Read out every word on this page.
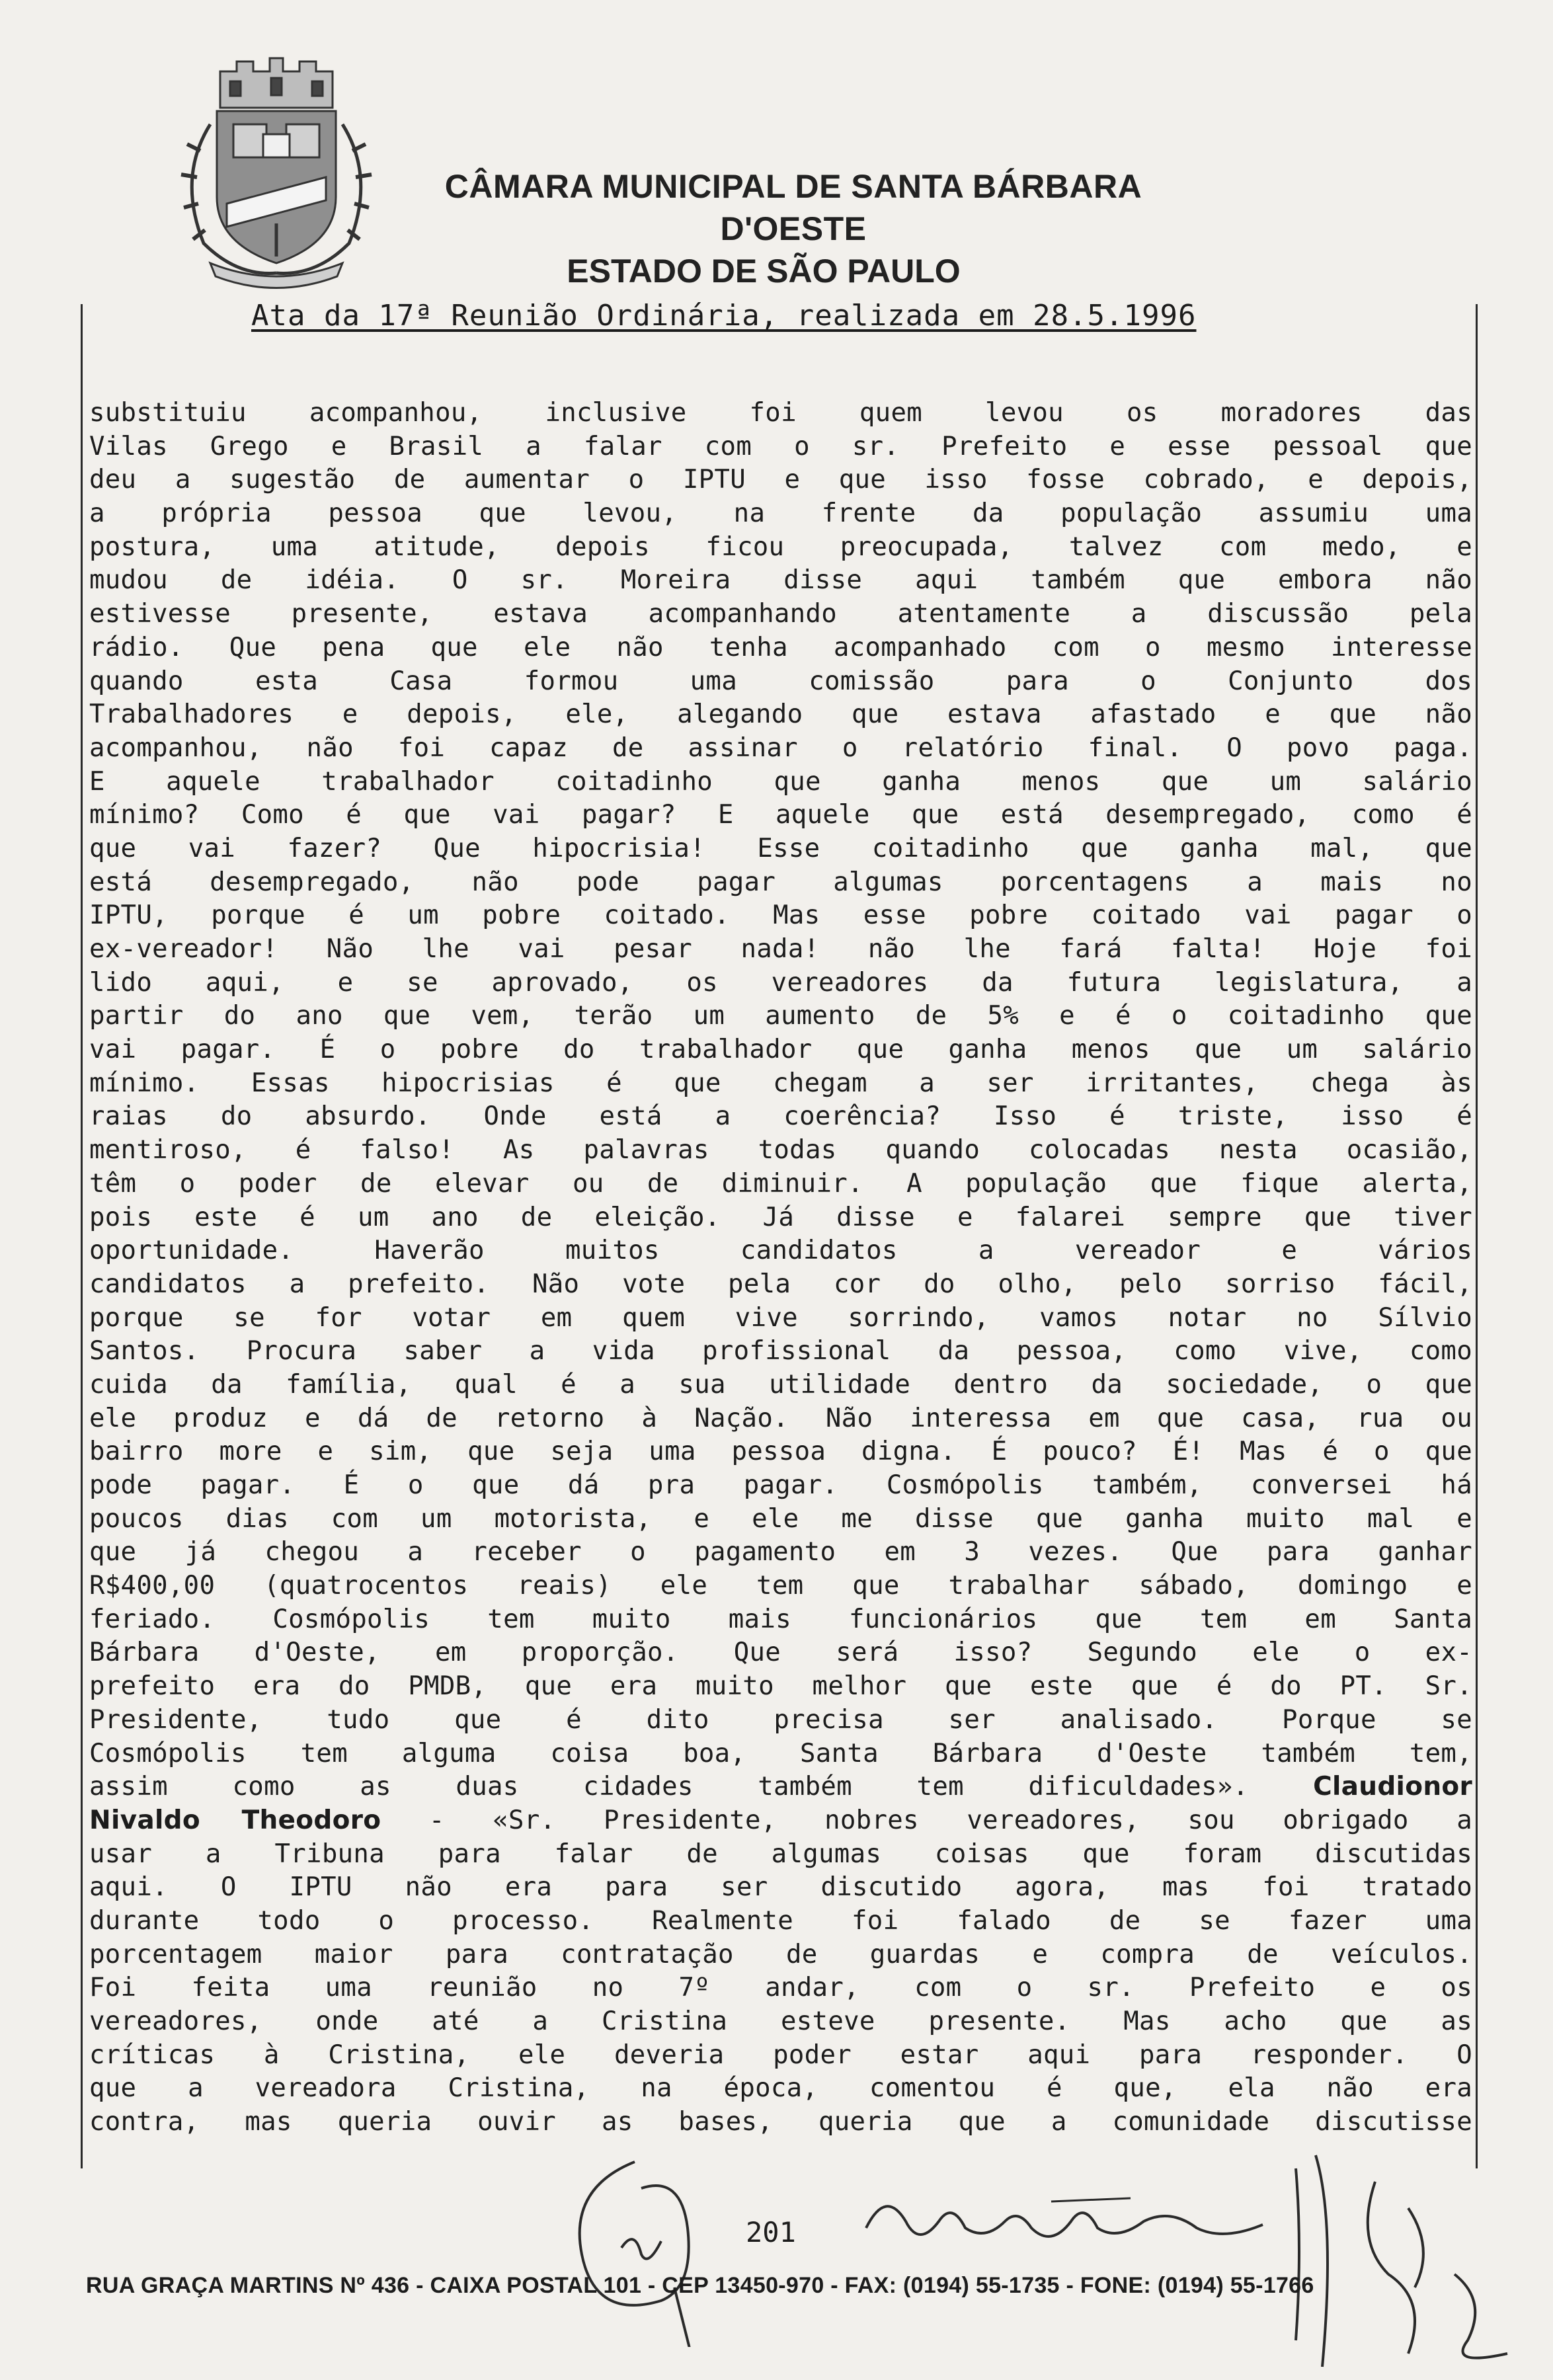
CÂMARA MUNICIPAL DE SANTA BÁRBARA D'OESTE
ESTADO DE SÃO PAULO
Ata da 17ª Reunião Ordinária, realizada em 28.5.1996
substituiu acompanhou, inclusive foi quem levou os moradores das
Vilas Grego e Brasil a falar com o sr. Prefeito e esse pessoal que
deu a sugestão de aumentar o IPTU e que isso fosse cobrado, e depois,
a própria pessoa que levou, na frente da população assumiu uma
postura, uma atitude, depois ficou preocupada, talvez com medo, e
mudou de idéia. O sr. Moreira disse aqui também que embora não
estivesse presente, estava acompanhando atentamente a discussão pela
rádio. Que pena que ele não tenha acompanhado com o mesmo interesse
quando esta Casa formou uma comissão para o Conjunto dos
Trabalhadores e depois, ele, alegando que estava afastado e que não
acompanhou, não foi capaz de assinar o relatório final. O povo paga.
E aquele trabalhador coitadinho que ganha menos que um salário
mínimo? Como é que vai pagar? E aquele que está desempregado, como é
que vai fazer? Que hipocrisia! Esse coitadinho que ganha mal, que
está desempregado, não pode pagar algumas porcentagens a mais no
IPTU, porque é um pobre coitado. Mas esse pobre coitado vai pagar o
ex-vereador! Não lhe vai pesar nada! não lhe fará falta! Hoje foi
lido aqui, e se aprovado, os vereadores da futura legislatura, a
partir do ano que vem, terão um aumento de 5% e é o coitadinho que
vai pagar. É o pobre do trabalhador que ganha menos que um salário
mínimo. Essas hipocrisias é que chegam a ser irritantes, chega às
raias do absurdo. Onde está a coerência? Isso é triste, isso é
mentiroso, é falso! As palavras todas quando colocadas nesta ocasião,
têm o poder de elevar ou de diminuir. A população que fique alerta,
pois este é um ano de eleição. Já disse e falarei sempre que tiver
oportunidade. Haverão muitos candidatos a vereador e vários
candidatos a prefeito. Não vote pela cor do olho, pelo sorriso fácil,
porque se for votar em quem vive sorrindo, vamos notar no Sílvio
Santos. Procura saber a vida profissional da pessoa, como vive, como
cuida da família, qual é a sua utilidade dentro da sociedade, o que
ele produz e dá de retorno à Nação. Não interessa em que casa, rua ou
bairro more e sim, que seja uma pessoa digna. É pouco? É! Mas é o que
pode pagar. É o que dá pra pagar. Cosmópolis também, conversei há
poucos dias com um motorista, e ele me disse que ganha muito mal e
que já chegou a receber o pagamento em 3 vezes. Que para ganhar
R$400,00 (quatrocentos reais) ele tem que trabalhar sábado, domingo e
feriado. Cosmópolis tem muito mais funcionários que tem em Santa
Bárbara d'Oeste, em proporção. Que será isso? Segundo ele o ex-
prefeito era do PMDB, que era muito melhor que este que é do PT. Sr.
Presidente, tudo que é dito precisa ser analisado. Porque se
Cosmópolis tem alguma coisa boa, Santa Bárbara d'Oeste também tem,
assim como as duas cidades também tem dificuldades».	Claudionor
Nivaldo Theodoro - «Sr. Presidente, nobres vereadores, sou obrigado a
usar a Tribuna para falar de algumas coisas que foram discutidas
aqui. O IPTU não era para ser discutido agora, mas foi tratado
durante todo o processo. Realmente foi falado de se fazer uma
porcentagem maior para contratação de guardas e compra de veículos.
Foi feita uma reunião no 7º andar, com o sr. Prefeito e os
vereadores, onde até a Cristina esteve presente. Mas acho que as
críticas à Cristina, ele deveria poder estar aqui para responder. O
que a vereadora Cristina, na época, comentou é que, ela não era
contra, mas queria ouvir as bases, queria que a comunidade discutisse
201
RUA GRAÇA MARTINS Nº 436 - CAIXA POSTAL 101 - CEP 13450-970 - FAX: (0194) 55-1735 - FONE: (0194) 55-1766
